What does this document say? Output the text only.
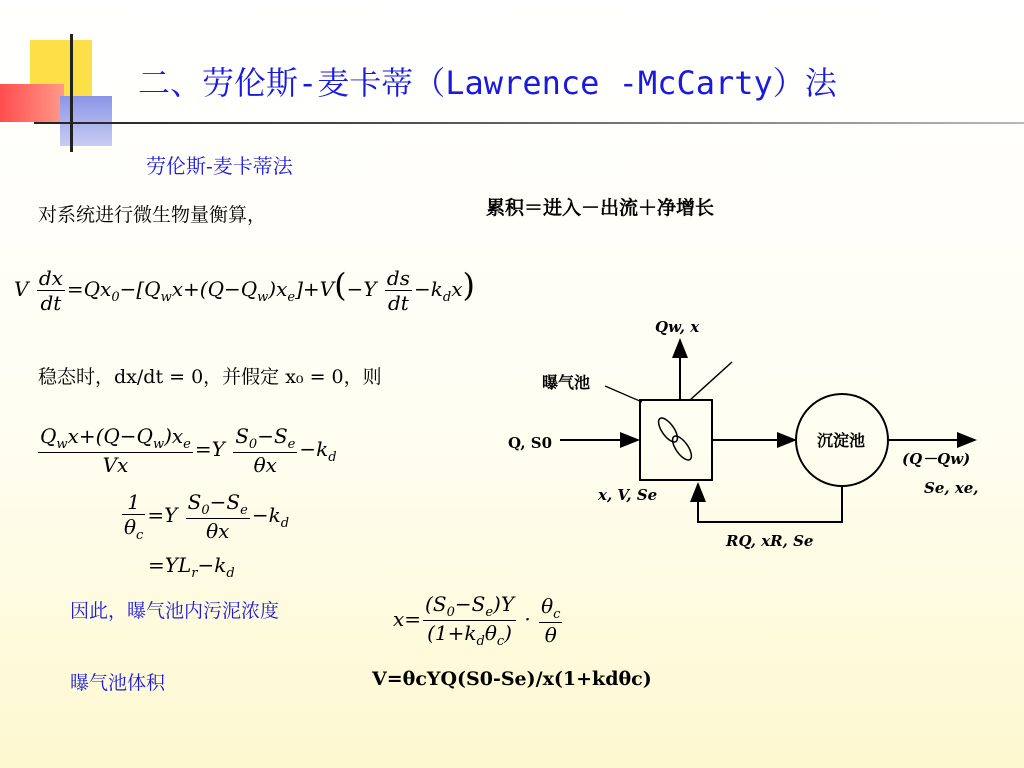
二、劳伦斯-麦卡蒂（Lawrence -McCarty）法
劳伦斯-麦卡蒂法
对系统进行微生物量衡算，	累积＝进入－出流＋净增长
V $\frac{dx}{dt} =Qx_0-[Q_wx+(Q-Q_w)x_e]+V(-Y \frac{ds}{dt} -k_dx)$
稳态时，dx/dt = 0，并假定 x₀ = 0，则
$\frac{Q_wx+(Q-Q_w)x_e}{Vx} =Y \frac{S_0-S_e}{\theta x} -k_d$
$\frac{1}{\theta_c} =Y \frac{S_0-S_e}{\theta x} -k_d$
$=YL_r-k_d$
因此，曝气池内污泥浓度	$x= \frac{(S_0-S_e)Y}{(1+k_d\theta_c)} \cdot \frac{\theta_c}{\theta}$
曝气池体积	V=θcYQ(S0-Se)/x(1+kdθc)
曝气池
Qw, x
Q, S0
x, V, Se
沉淀池
(Q－Qw)
Se, xe,
RQ, xR, Se
